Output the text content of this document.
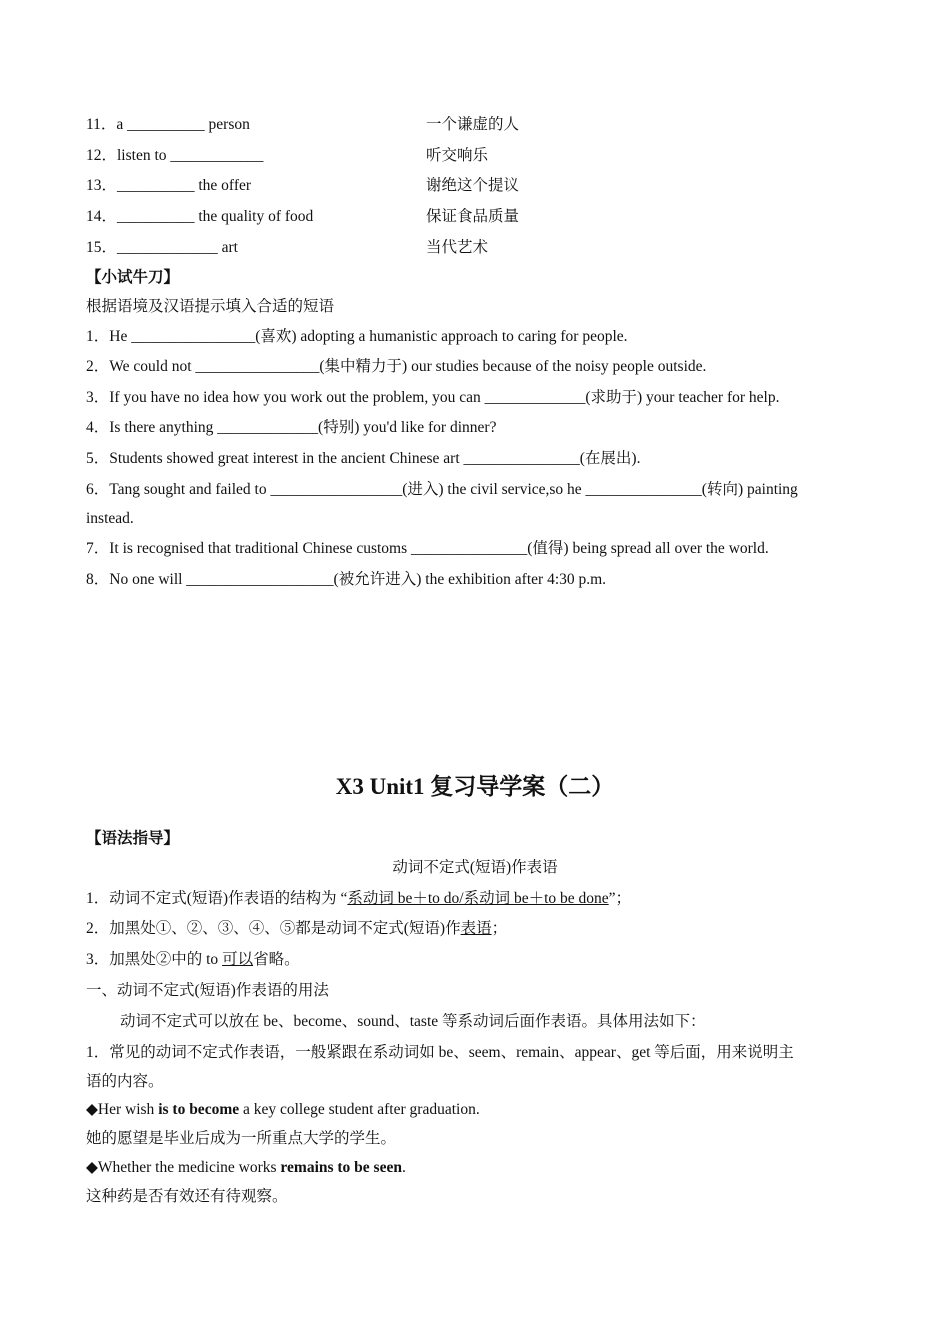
11．a __________ person	一个谦虚的人
12．listen to ____________	听交响乐
13．__________ the offer	谢绝这个提议
14．__________ the quality of food	保证食品质量
15．_____________ art	当代艺术
【小试牛刀】
根据语境及汉语提示填入合适的短语
1．He ________________(喜欢) adopting a humanistic approach to caring for people.
2．We could not ________________(集中精力于) our studies because of the noisy people outside.
3．If you have no idea how you work out the problem, you can _____________(求助于) your teacher for help.
4．Is there anything _____________(特别) you'd like for dinner?
5．Students showed great interest in the ancient Chinese art _______________(在展出).
6．Tang sought and failed to _________________(进入) the civil service,so he _______________(转向) painting
instead.
7．It is recognised that traditional Chinese customs _______________(值得) being spread all over the world.
8．No one will ___________________(被允许进入) the exhibition after 4:30 p.m.
X3 Unit1 复习导学案（二）
【语法指导】
动词不定式(短语)作表语
1．动词不定式(短语)作表语的结构为 “系动词 be＋to do/系动词 be＋to be done”；
2．加黑处①、②、③、④、⑤都是动词不定式(短语)作表语；
3．加黑处②中的 to 可以省略。
一、动词不定式(短语)作表语的用法
动词不定式可以放在 be、become、sound、taste 等系动词后面作表语。具体用法如下：
1．常见的动词不定式作表语，一般紧跟在系动词如 be、seem、remain、appear、get 等后面，用来说明主
语的内容。
◆Her wish is to become a key college student after graduation.
她的愿望是毕业后成为一所重点大学的学生。
◆Whether the medicine works remains to be seen.
这种药是否有效还有待观察。
